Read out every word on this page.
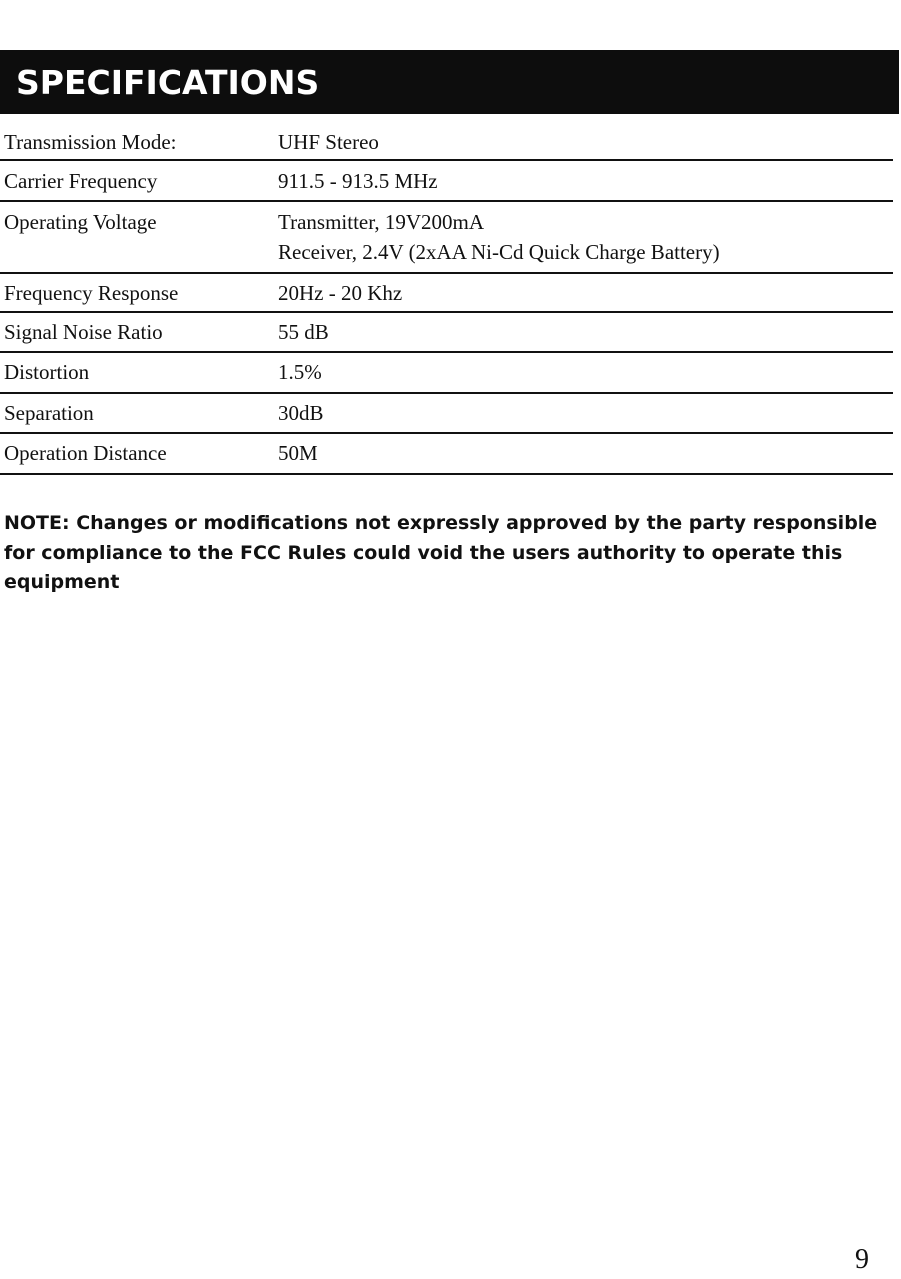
SPECIFICATIONS
Transmission Mode:	UHF Stereo
Carrier Frequency	911.5 - 913.5 MHz
Operating Voltage	Transmitter, 19V200mA
Receiver, 2.4V (2xAA Ni-Cd Quick Charge Battery)
Frequency Response	20Hz - 20 Khz
Signal Noise Ratio	55 dB
Distortion	1.5%
Separation	30dB
Operation Distance	50M
NOTE: Changes or modifications not expressly approved by the party responsible for compliance to the FCC Rules could void the users authority to operate this equipment
9
